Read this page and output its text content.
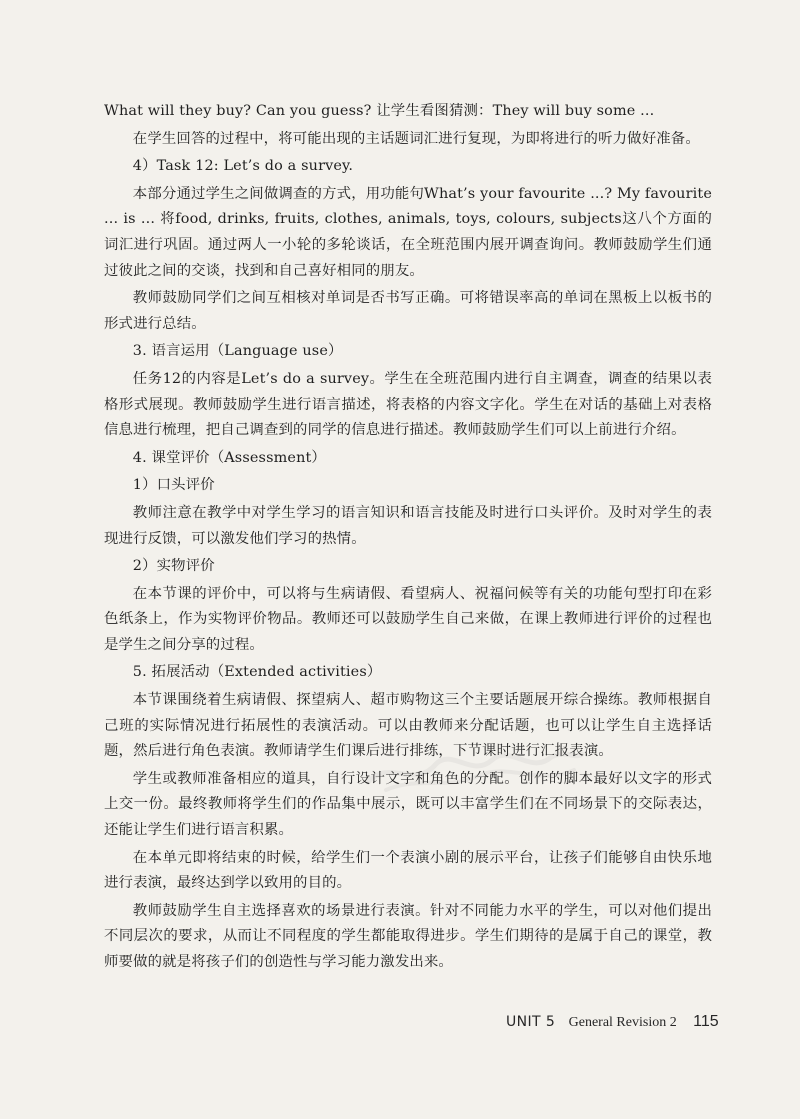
What will they buy? Can you guess? 让学生看图猜测：They will buy some ...

在学生回答的过程中，将可能出现的主话题词汇进行复现，为即将进行的听力做好准备。

4）Task 12: Let’s do a survey.

本部分通过学生之间做调查的方式，用功能句What’s your favourite ...? My favourite ... is ... 将food, drinks, fruits, clothes, animals, toys, colours, subjects这八个方面的词汇进行巩固。通过两人一小轮的多轮谈话，在全班范围内展开调查询问。教师鼓励学生们通过彼此之间的交谈，找到和自己喜好相同的朋友。

教师鼓励同学们之间互相核对单词是否书写正确。可将错误率高的单词在黑板上以板书的形式进行总结。

3. 语言运用（Language use）

任务12的内容是Let’s do a survey。学生在全班范围内进行自主调查，调查的结果以表格形式展现。教师鼓励学生进行语言描述，将表格的内容文字化。学生在对话的基础上对表格信息进行梳理，把自己调查到的同学的信息进行描述。教师鼓励学生们可以上前进行介绍。

4. 课堂评价（Assessment）

1）口头评价

教师注意在教学中对学生学习的语言知识和语言技能及时进行口头评价。及时对学生的表现进行反馈，可以激发他们学习的热情。

2）实物评价

在本节课的评价中，可以将与生病请假、看望病人、祝福问候等有关的功能句型打印在彩色纸条上，作为实物评价物品。教师还可以鼓励学生自己来做，在课上教师进行评价的过程也是学生之间分享的过程。

5. 拓展活动（Extended activities）

本节课围绕着生病请假、探望病人、超市购物这三个主要话题展开综合操练。教师根据自己班的实际情况进行拓展性的表演活动。可以由教师来分配话题，也可以让学生自主选择话题，然后进行角色表演。教师请学生们课后进行排练，下节课时进行汇报表演。

学生或教师准备相应的道具，自行设计文字和角色的分配。创作的脚本最好以文字的形式上交一份。最终教师将学生们的作品集中展示，既可以丰富学生们在不同场景下的交际表达，还能让学生们进行语言积累。

在本单元即将结束的时候，给学生们一个表演小剧的展示平台，让孩子们能够自由快乐地进行表演，最终达到学以致用的目的。

教师鼓励学生自主选择喜欢的场景进行表演。针对不同能力水平的学生，可以对他们提出不同层次的要求，从而让不同程度的学生都能取得进步。学生们期待的是属于自己的课堂，教师要做的就是将孩子们的创造性与学习能力激发出来。

UNIT 5 General Revision 2 115
